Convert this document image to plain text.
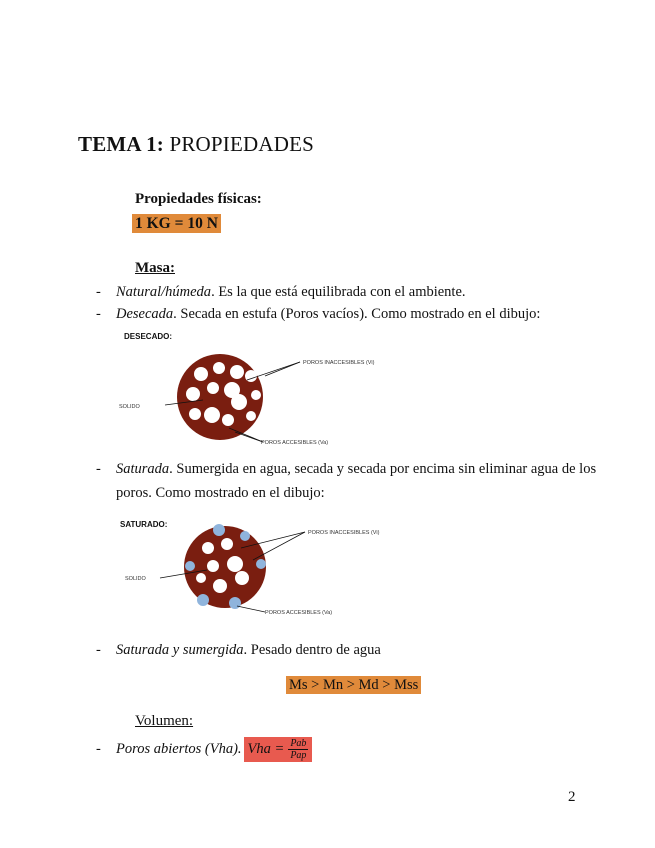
TEMA 1: PROPIEDADES
Propiedades físicas:
1 KG = 10 N
Masa:
- Natural/húmeda. Es la que está equilibrada con el ambiente.
- Desecada. Secada en estufa (Poros vacíos). Como mostrado en el dibujo:
DESECADO:
SOLIDO
POROS INACCESIBLES (Vi)
POROS ACCESIBLES (Va)
- Saturada. Sumergida en agua, secada y secada por encima sin eliminar agua de los
poros. Como mostrado en el dibujo:
SATURADO:
SOLIDO
POROS INACCESIBLES (Vi)
POROS ACCESIBLES (Va)
- Saturada y sumergida. Pesado dentro de agua
Ms > Mn > Md > Mss
Volumen:
- Poros abiertos (Vha). Vha = $\frac{\text{Pab}}{\text{Pap}}$
2
